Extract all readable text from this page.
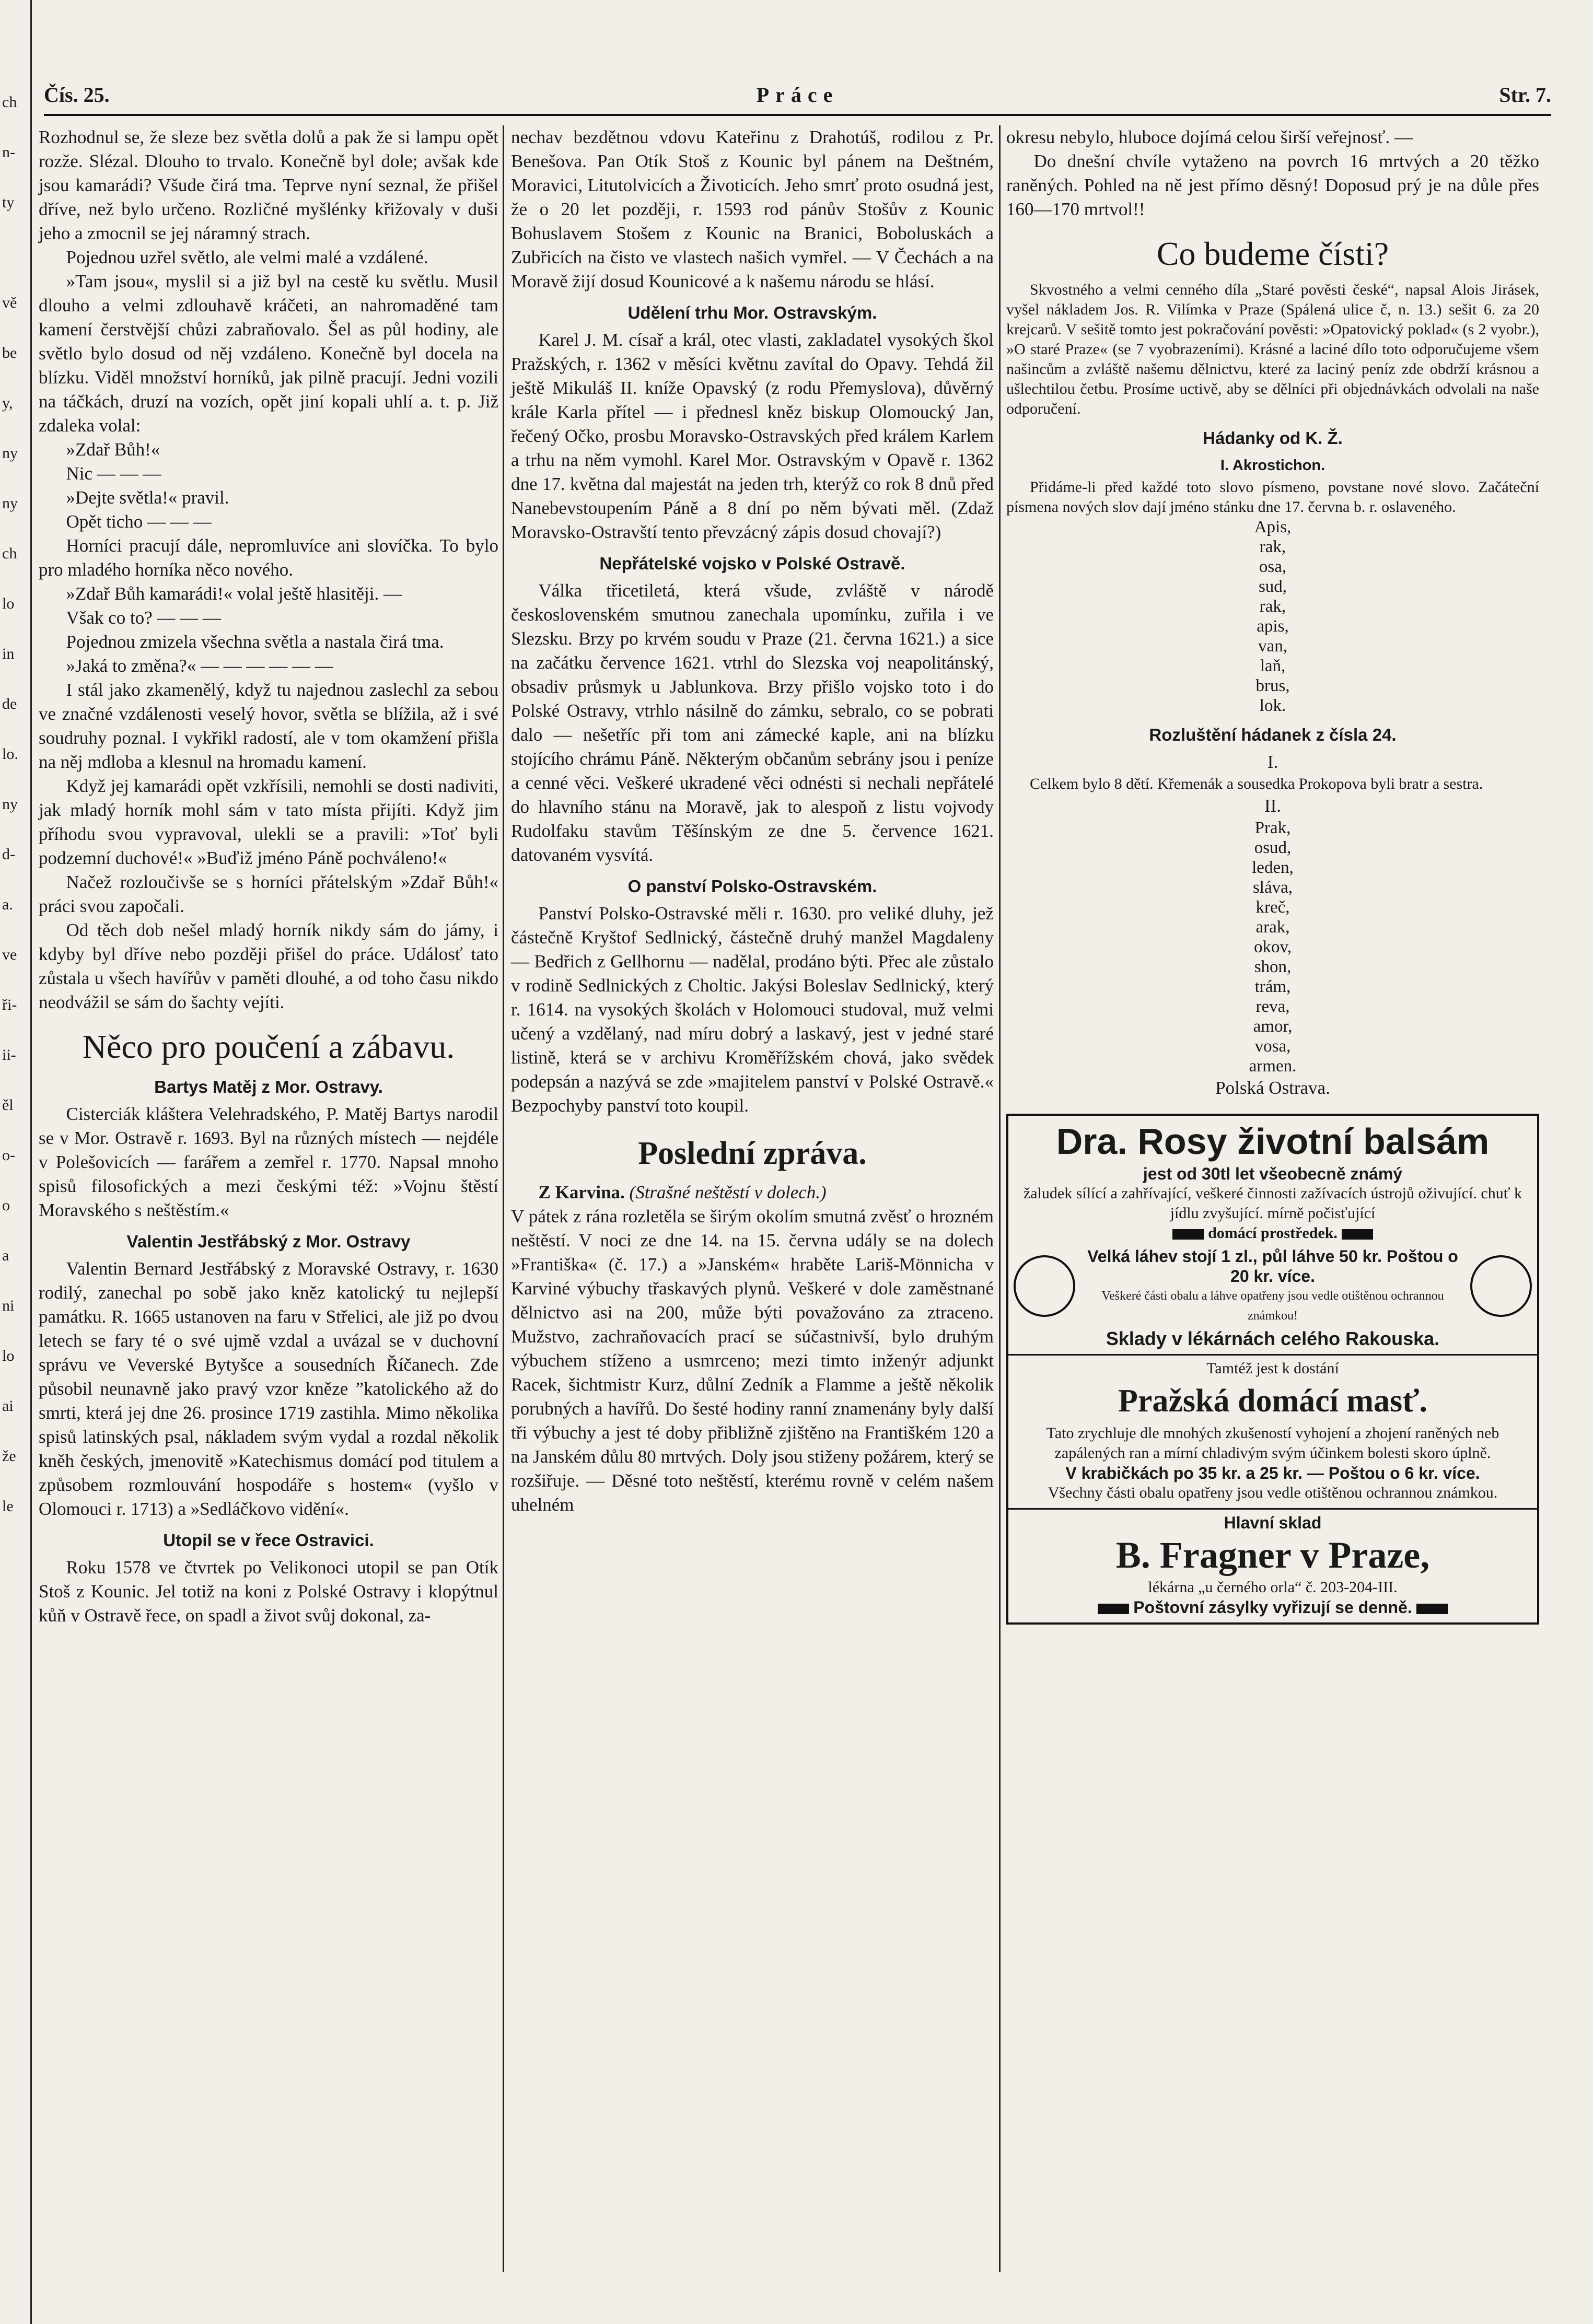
ch
n-
ty
vě
be
y,
ny
ny
ch
lo
in
de
lo.
ny
d-
a.
ve
ři-
ii-
ěl
o-
o
a
ni
lo
ai
že
le
Čís. 25.	Práce	Str. 7.

Rozhodnul se, že sleze bez světla dolů a pak že si lampu opět rozže. Slézal. Dlouho to trvalo. Konečně byl dole; avšak kde jsou kamarádi? Všude čirá tma. Teprve nyní seznal, že přišel dříve, než bylo určeno. Rozličné myšlénky křižovaly v duši jeho a zmocnil se jej náramný strach.

Pojednou uzřel světlo, ale velmi malé a vzdálené.

»Tam jsou«, myslil si a již byl na cestě ku světlu. Musil dlouho a velmi zdlouhavě kráčeti, an nahromaděné tam kamení čerstvější chůzi zabraňovalo. Šel as půl hodiny, ale světlo bylo dosud od něj vzdáleno. Konečně byl docela na blízku. Viděl množství horníků, jak pilně pracují. Jedni vozili na táčkách, druzí na vozích, opět jiní kopali uhlí a. t. p. Již zdaleka volal:

»Zdař Bůh!«

Nic — — —

»Dejte světla!« pravil.

Opět ticho — — —

Horníci pracují dále, nepromluvíce ani slovíčka. To bylo pro mladého horníka něco nového.

»Zdař Bůh kamarádi!« volal ještě hlasitěji. —

Však co to? — — —

Pojednou zmizela všechna světla a nastala čirá tma.

»Jaká to změna?« — — — — — —

I stál jako zkamenělý, když tu najednou zaslechl za sebou ve značné vzdálenosti veselý hovor, světla se blížila, až i své soudruhy poznal. I vykřikl radostí, ale v tom okamžení přišla na něj mdloba a klesnul na hromadu kamení.

Když jej kamarádi opět vzkřísili, nemohli se dosti nadiviti, jak mladý horník mohl sám v tato místa přijíti. Když jim příhodu svou vypravoval, ulekli se a pravili: »Toť byli podzemní duchové!« »Buďiž jméno Páně pochváleno!«

Načež rozloučivše se s horníci přátelským »Zdař Bůh!« práci svou započali.

Od těch dob nešel mladý horník nikdy sám do jámy, i kdyby byl dříve nebo později přišel do práce. Událosť tato zůstala u všech havířův v paměti dlouhé, a od toho času nikdo neodvážil se sám do šachty vejíti.

Něco pro poučení a zábavu.
Bartys Matěj z Mor. Ostravy.

Cisterciák kláštera Velehradského, P. Matěj Bartys narodil se v Mor. Ostravě r. 1693. Byl na různých místech — nejdéle v Polešovicích — farářem a zemřel r. 1770. Napsal mnoho spisů filosofických a mezi českými též: »Vojnu štěstí Moravského s neštěstím.«

Valentin Jestřábský z Mor. Ostravy

Valentin Bernard Jestřábský z Moravské Ostravy, r. 1630 rodilý, zanechal po sobě jako kněz katolický tu nejlepší památku. R. 1665 ustanoven na faru v Střelici, ale již po dvou letech se fary té o své ujmě vzdal a uvázal se v duchovní správu ve Veverské Bytyšce a sousedních Říčanech. Zde působil neunavně jako pravý vzor kněze ”katolického až do smrti, která jej dne 26. prosince 1719 zastihla. Mimo několika spisů latinských psal, nákladem svým vydal a rozdal několik kněh českých, jmenovitě »Katechismus domácí pod titulem a způsobem rozmlouvání hospodáře s hostem« (vyšlo v Olomouci r. 1713) a »Sedláčkovo vidění«.

Utopil se v řece Ostravici.

Roku 1578 ve čtvrtek po Velikonoci utopil se pan Otík Stoš z Kounic. Jel totiž na koni z Polské Ostravy i klopýtnul kůň v Ostravě řece, on spadl a život svůj dokonal, za-

nechav bezdětnou vdovu Kateřinu z Drahotúš, rodilou z Pr. Benešova. Pan Otík Stoš z Kounic byl pánem na Deštném, Moravici, Litutolvicích a Životicích. Jeho smrť proto osudná jest, že o 20 let později, r. 1593 rod pánův Stošův z Kounic Bohuslavem Stošem z Kounic na Branici, Boboluskách a Zubřicích na čisto ve vlastech našich vymřel. — V Čechách a na Moravě žijí dosud Kounicové a k našemu národu se hlásí.

Udělení trhu Mor. Ostravským.

Karel J. M. císař a král, otec vlasti, zakladatel vysokých škol Pražských, r. 1362 v měsíci květnu zavítal do Opavy. Tehdá žil ještě Mikuláš II. kníže Opavský (z rodu Přemyslova), důvěrný krále Karla přítel — i přednesl kněz biskup Olomoucký Jan, řečený Očko, prosbu Moravsko-Ostravských před králem Karlem a trhu na něm vymohl. Karel Mor. Ostravským v Opavě r. 1362 dne 17. května dal majestát na jeden trh, kterýž co rok 8 dnů před Nanebevstoupením Páně a 8 dní po něm bývati měl. (Zdaž Moravsko-Ostravští tento převzácný zápis dosud chovají?)

Nepřátelské vojsko v Polské Ostravě.

Válka třicetiletá, která všude, zvláště v národě československém smutnou zanechala upomínku, zuřila i ve Slezsku. Brzy po krvém soudu v Praze (21. června 1621.) a sice na začátku července 1621. vtrhl do Slezska voj neapolitánský, obsadiv průsmyk u Jablunkova. Brzy přišlo vojsko toto i do Polské Ostravy, vtrhlo násilně do zámku, sebralo, co se pobrati dalo — nešetříc při tom ani zámecké kaple, ani na blízku stojícího chrámu Páně. Některým občanům sebrány jsou i peníze a cenné věci. Veškeré ukradené věci odnésti si nechali nepřátelé do hlavního stánu na Moravě, jak to alespoň z listu vojvody Rudolfaku stavům Těšínským ze dne 5. července 1621. datovaném vysvítá.

O panství Polsko-Ostravském.

Panství Polsko-Ostravské měli r. 1630. pro veliké dluhy, jež částečně Kryštof Sedlnický, částečně druhý manžel Magdaleny — Bedřich z Gellhornu — nadělal, prodáno býti. Přec ale zůstalo v rodině Sedlnických z Choltic. Jakýsi Boleslav Sedlnický, který r. 1614. na vysokých školách v Holomouci studoval, muž velmi učený a vzdělaný, nad míru dobrý a laskavý, jest v jedné staré listině, která se v archivu Kroměřížském chová, jako svědek podepsán a nazývá se zde »majitelem panství v Polské Ostravě.« Bezpochyby panství toto koupil.

Poslední zpráva.

Z Karvina. (Strašné neštěstí v dolech.)

V pátek z rána rozletěla se širým okolím smutná zvěsť o hrozném neštěstí. V noci ze dne 14. na 15. června udály se na dolech »Františka« (č. 17.) a »Janském« hraběte Lariš-Mönnicha v Karviné výbuchy třaskavých plynů. Veškeré v dole zaměstnané dělnictvo asi na 200, může býti považováno za ztraceno. Mužstvo, zachraňovacích prací se súčastnivší, bylo druhým výbuchem stíženo a usmrceno; mezi timto inženýr adjunkt Racek, šichtmistr Kurz, důlní Zedník a Flamme a ještě několik porubných a havířů. Do šesté hodiny ranní znamenány byly další tři výbuchy a jest té doby přibližně zjištěno na Františkém 120 a na Janském důlu 80 mrtvých. Doly jsou stiženy požárem, který se rozšiřuje. — Děsné toto neštěstí, kterému rovně v celém našem uhelném

okresu nebylo, hluboce dojímá celou širší veřejnosť. —

Do dnešní chvíle vytaženo na povrch 16 mrtvých a 20 těžko raněných. Pohled na ně jest přímo děsný! Doposud prý je na důle přes 160—170 mrtvol!!

Co budeme čísti?

Skvostného a velmi cenného díla „Staré pověsti české“, napsal Alois Jirásek, vyšel nákladem Jos. R. Vilímka v Praze (Spálená ulice č, n. 13.) sešit 6. za 20 krejcarů. V sešitě tomto jest pokračování pověsti: »Opatovický poklad« (s 2 vyobr.), »O staré Praze« (se 7 vyobrazeními). Krásné a laciné dílo toto odporučujeme všem našincům a zvláště našemu dělnictvu, které za laciný peníz zde obdrží krásnou a ušlechtilou četbu. Prosíme uctivě, aby se dělníci při objednávkách odvolali na naše odporučení.

Hádanky od K. Ž.
I. Akrostichon.

Přidáme-li před každé toto slovo písmeno, povstane nové slovo. Začáteční písmena nových slov dají jméno stánku dne 17. června b. r. oslaveného.

Apis,
rak,
osa,
sud,
rak,
apis,
van,
laň,
brus,
lok.
Rozluštění hádanek z čísla 24.

I.

Celkem bylo 8 dětí. Křemenák a sousedka Prokopova byli bratr a sestra.

II.

Prak,
osud,
leden,
sláva,
kreč,
arak,
okov,
shon,
trám,
reva,
amor,
vosa,
armen.

Polská Ostrava.

Dra. Rosy životní balsám
jest od 30tl let všeobecně známý
žaludek sílící a zahřívající, veškeré činnosti zažívacích ústrojů oživující. chuť k jídlu zvyšující. mírně počisťující
domácí prostředek.
Velká láhev stojí 1 zl., půl láhve 50 kr. Poštou o 20 kr. více.
Veškeré části obalu a láhve opatřeny jsou vedle otištěnou ochrannou známkou!
Sklady v lékárnách celého Rakouska.
Tamtéž jest k dostání
Pražská domácí masť.
Tato zrychluje dle mnohých zkušeností vyhojení a zhojení raněných neb zapálených ran a mírní chladivým svým účinkem bolesti skoro úplně.
V krabičkách po 35 kr. a 25 kr. — Poštou o 6 kr. více.
Všechny části obalu opatřeny jsou vedle otištěnou ochrannou známkou.
Hlavní sklad
B. Fragner v Praze,
lékárna „u černého orla“ č. 203-204-III.
Poštovní zásylky vyřizují se denně.
